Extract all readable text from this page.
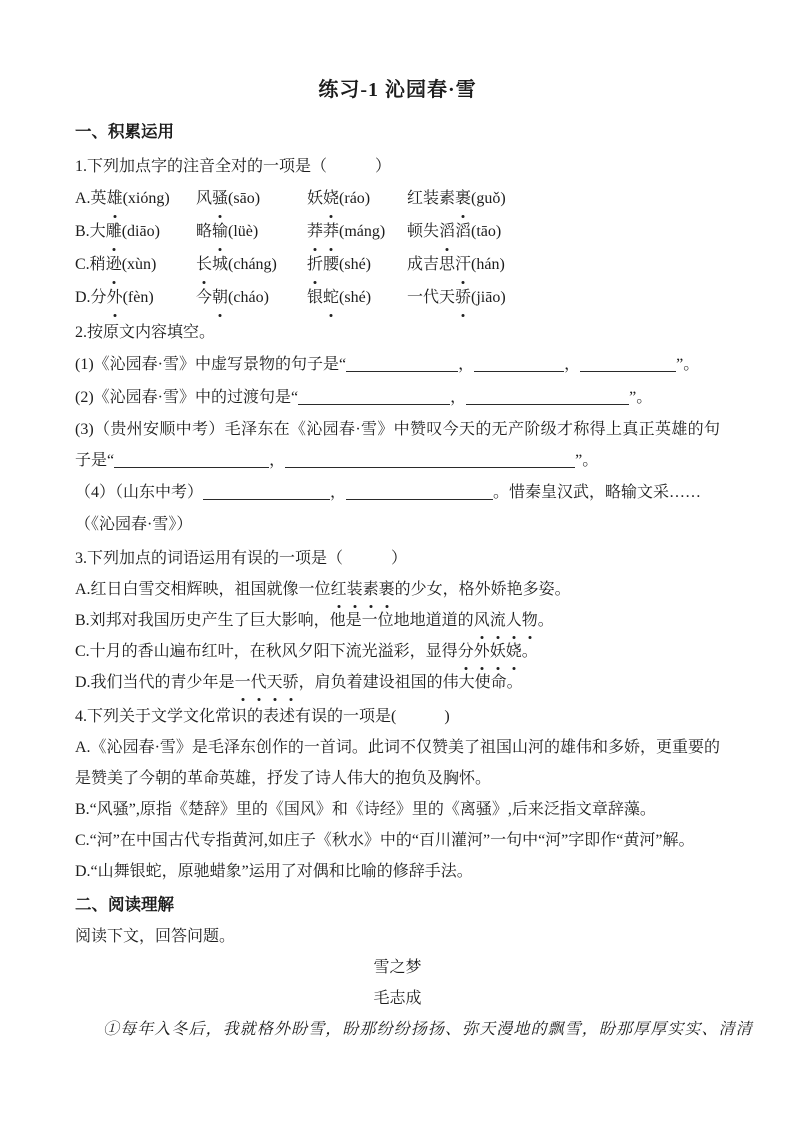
练习-1 沁园春·雪
一、积累运用
1.下列加点字的注音全对的一项是（　　　）
A.英雄(xióng)	风骚(sāo)	妖娆(ráo)	红装素裹(guǒ)
B.大雕(diāo)	略输(lüè)	莽莽(máng)	顿失滔滔(tāo)
C.稍逊(xùn)	长城(cháng)	折腰(shé)	成吉思汗(hán)
D.分外(fèn)	今朝(cháo)	银蛇(shé)	一代天骄(jiāo)
2.按原文内容填空。
(1)《沁园春·雪》中虚写景物的句子是“	，	，	”。
(2)《沁园春·雪》中的过渡句是“	，	”。
(3)（贵州安顺中考）毛泽东在《沁园春·雪》中赞叹今天的无产阶级才称得上真正英雄的句子是“	，	”。
（4）（山东中考）	，	。惜秦皇汉武，略输文采……
（《沁园春·雪》）
3.下列加点的词语运用有误的一项是（　　　）
A.红日白雪交相辉映，祖国就像一位红装素裹的少女，格外娇艳多姿。
B.刘邦对我国历史产生了巨大影响，他是一位地地道道的风流人物。
C.十月的香山遍布红叶，在秋风夕阳下流光溢彩，显得分外妖娆。
D.我们当代的青少年是一代天骄，肩负着建设祖国的伟大使命。
4.下列关于文学文化常识的表述有误的一项是(　　　)
A.《沁园春·雪》是毛泽东创作的一首词。此词不仅赞美了祖国山河的雄伟和多娇，更重要的是赞美了今朝的革命英雄，抒发了诗人伟大的抱负及胸怀。
B.“风骚”,原指《楚辞》里的《国风》和《诗经》里的《离骚》,后来泛指文章辞藻。
C.“河”在中国古代专指黄河,如庄子《秋水》中的“百川灌河”一句中“河”字即作“黄河”解。
D.“山舞银蛇，原驰蜡象”运用了对偶和比喻的修辞手法。
二、阅读理解
阅读下文，回答问题。
雪之梦
毛志成
①每年入冬后，我就格外盼雪，盼那纷纷扬扬、弥天漫地的飘雪，盼那厚厚实实、清清
